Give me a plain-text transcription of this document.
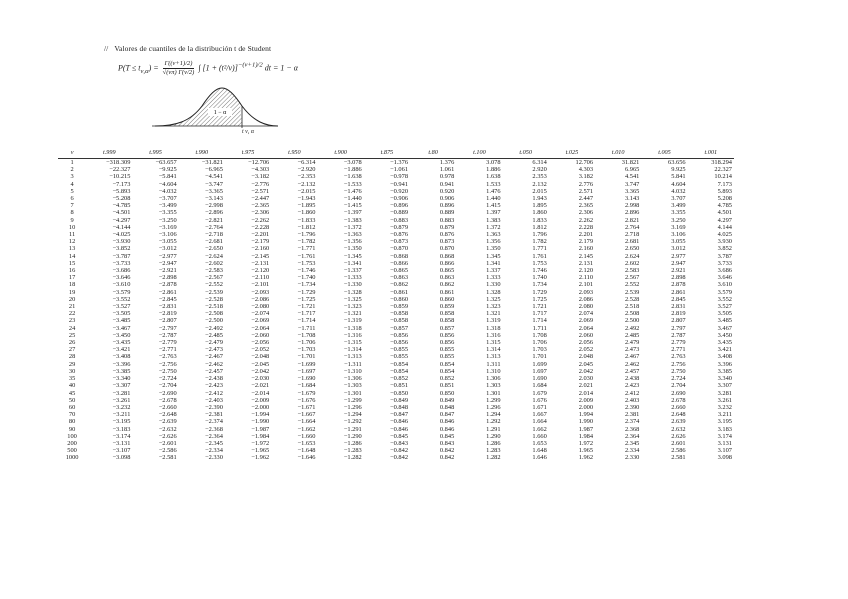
// Valores de cuantiles de la distribución t de Student
$P(T \le t_{\nu,\alpha}) = \frac{\Gamma((\nu+1)/2)}{√(\nu\pi) \Gamma(\nu/2)}$ ∫ $[1 + (t^2/\nu)]^{-(\nu+1)/2}$ dt = 1 − α
1 − α
t ν, α
ν	t.999	t.995	t.990	t.975	t.950	t.900	t.875	t.80	t.100	t.050	t.025	t.010	t.005	t.001
1	−318.309	−63.657	−31.821	−12.706	−6.314	−3.078	−1.376	1.376	3.078	6.314	12.706	31.821	63.656	318.294
2	−22.327	−9.925	−6.965	−4.303	−2.920	−1.886	−1.061	1.061	1.886	2.920	4.303	6.965	9.925	22.327
3	−10.215	−5.841	−4.541	−3.182	−2.353	−1.638	−0.978	0.978	1.638	2.353	3.182	4.541	5.841	10.214
4	−7.173	−4.604	−3.747	−2.776	−2.132	−1.533	−0.941	0.941	1.533	2.132	2.776	3.747	4.604	7.173
5	−5.893	−4.032	−3.365	−2.571	−2.015	−1.476	−0.920	0.920	1.476	2.015	2.571	3.365	4.032	5.893
6	−5.208	−3.707	−3.143	−2.447	−1.943	−1.440	−0.906	0.906	1.440	1.943	2.447	3.143	3.707	5.208
7	−4.785	−3.499	−2.998	−2.365	−1.895	−1.415	−0.896	0.896	1.415	1.895	2.365	2.998	3.499	4.785
8	−4.501	−3.355	−2.896	−2.306	−1.860	−1.397	−0.889	0.889	1.397	1.860	2.306	2.896	3.355	4.501
9	−4.297	−3.250	−2.821	−2.262	−1.833	−1.383	−0.883	0.883	1.383	1.833	2.262	2.821	3.250	4.297
10	−4.144	−3.169	−2.764	−2.228	−1.812	−1.372	−0.879	0.879	1.372	1.812	2.228	2.764	3.169	4.144
11	−4.025	−3.106	−2.718	−2.201	−1.796	−1.363	−0.876	0.876	1.363	1.796	2.201	2.718	3.106	4.025
12	−3.930	−3.055	−2.681	−2.179	−1.782	−1.356	−0.873	0.873	1.356	1.782	2.179	2.681	3.055	3.930
13	−3.852	−3.012	−2.650	−2.160	−1.771	−1.350	−0.870	0.870	1.350	1.771	2.160	2.650	3.012	3.852
14	−3.787	−2.977	−2.624	−2.145	−1.761	−1.345	−0.868	0.868	1.345	1.761	2.145	2.624	2.977	3.787
15	−3.733	−2.947	−2.602	−2.131	−1.753	−1.341	−0.866	0.866	1.341	1.753	2.131	2.602	2.947	3.733
16	−3.686	−2.921	−2.583	−2.120	−1.746	−1.337	−0.865	0.865	1.337	1.746	2.120	2.583	2.921	3.686
17	−3.646	−2.898	−2.567	−2.110	−1.740	−1.333	−0.863	0.863	1.333	1.740	2.110	2.567	2.898	3.646
18	−3.610	−2.878	−2.552	−2.101	−1.734	−1.330	−0.862	0.862	1.330	1.734	2.101	2.552	2.878	3.610
19	−3.579	−2.861	−2.539	−2.093	−1.729	−1.328	−0.861	0.861	1.328	1.729	2.093	2.539	2.861	3.579
20	−3.552	−2.845	−2.528	−2.086	−1.725	−1.325	−0.860	0.860	1.325	1.725	2.086	2.528	2.845	3.552
21	−3.527	−2.831	−2.518	−2.080	−1.721	−1.323	−0.859	0.859	1.323	1.721	2.080	2.518	2.831	3.527
22	−3.505	−2.819	−2.508	−2.074	−1.717	−1.321	−0.858	0.858	1.321	1.717	2.074	2.508	2.819	3.505
23	−3.485	−2.807	−2.500	−2.069	−1.714	−1.319	−0.858	0.858	1.319	1.714	2.069	2.500	2.807	3.485
24	−3.467	−2.797	−2.492	−2.064	−1.711	−1.318	−0.857	0.857	1.318	1.711	2.064	2.492	2.797	3.467
25	−3.450	−2.787	−2.485	−2.060	−1.708	−1.316	−0.856	0.856	1.316	1.708	2.060	2.485	2.787	3.450
26	−3.435	−2.779	−2.479	−2.056	−1.706	−1.315	−0.856	0.856	1.315	1.706	2.056	2.479	2.779	3.435
27	−3.421	−2.771	−2.473	−2.052	−1.703	−1.314	−0.855	0.855	1.314	1.703	2.052	2.473	2.771	3.421
28	−3.408	−2.763	−2.467	−2.048	−1.701	−1.313	−0.855	0.855	1.313	1.701	2.048	2.467	2.763	3.408
29	−3.396	−2.756	−2.462	−2.045	−1.699	−1.311	−0.854	0.854	1.311	1.699	2.045	2.462	2.756	3.396
30	−3.385	−2.750	−2.457	−2.042	−1.697	−1.310	−0.854	0.854	1.310	1.697	2.042	2.457	2.750	3.385
35	−3.340	−2.724	−2.438	−2.030	−1.690	−1.306	−0.852	0.852	1.306	1.690	2.030	2.438	2.724	3.340
40	−3.307	−2.704	−2.423	−2.021	−1.684	−1.303	−0.851	0.851	1.303	1.684	2.021	2.423	2.704	3.307
45	−3.281	−2.690	−2.412	−2.014	−1.679	−1.301	−0.850	0.850	1.301	1.679	2.014	2.412	2.690	3.281
50	−3.261	−2.678	−2.403	−2.009	−1.676	−1.299	−0.849	0.849	1.299	1.676	2.009	2.403	2.678	3.261
60	−3.232	−2.660	−2.390	−2.000	−1.671	−1.296	−0.848	0.848	1.296	1.671	2.000	2.390	2.660	3.232
70	−3.211	−2.648	−2.381	−1.994	−1.667	−1.294	−0.847	0.847	1.294	1.667	1.994	2.381	2.648	3.211
80	−3.195	−2.639	−2.374	−1.990	−1.664	−1.292	−0.846	0.846	1.292	1.664	1.990	2.374	2.639	3.195
90	−3.183	−2.632	−2.368	−1.987	−1.662	−1.291	−0.846	0.846	1.291	1.662	1.987	2.368	2.632	3.183
100	−3.174	−2.626	−2.364	−1.984	−1.660	−1.290	−0.845	0.845	1.290	1.660	1.984	2.364	2.626	3.174
200	−3.131	−2.601	−2.345	−1.972	−1.653	−1.286	−0.843	0.843	1.286	1.653	1.972	2.345	2.601	3.131
500	−3.107	−2.586	−2.334	−1.965	−1.648	−1.283	−0.842	0.842	1.283	1.648	1.965	2.334	2.586	3.107
1000	−3.098	−2.581	−2.330	−1.962	−1.646	−1.282	−0.842	0.842	1.282	1.646	1.962	2.330	2.581	3.098
